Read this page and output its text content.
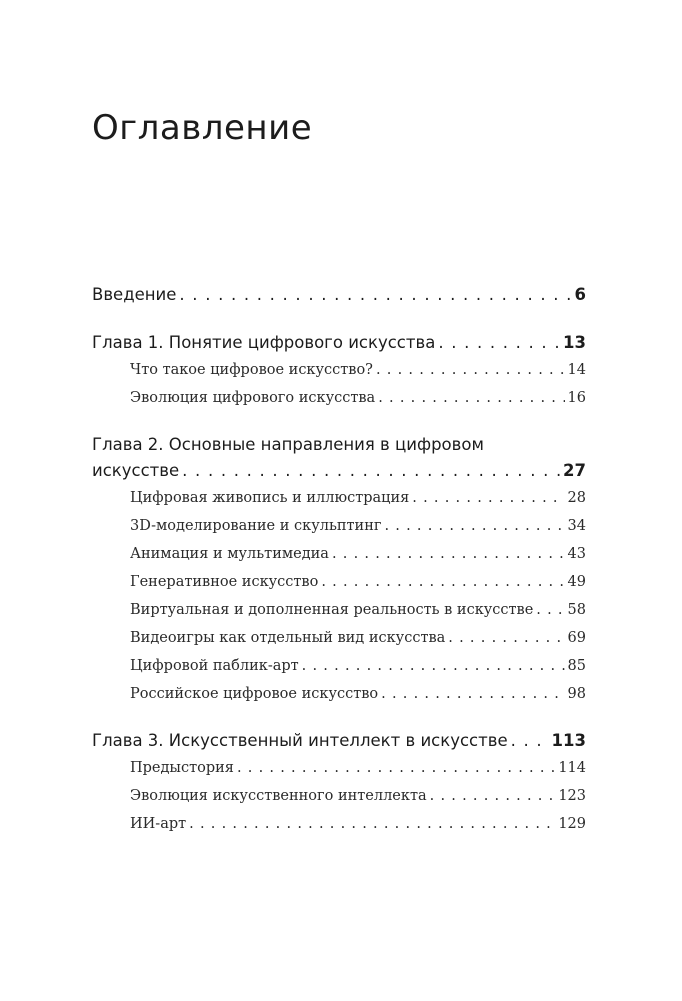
Оглавление
Введение . . .	6
Глава 1. Понятие цифрового искусства . . .	13
Что такое цифровое искусство? . . .	14
Эволюция цифрового искусства . . .	16
Глава 2. Основные направления в цифровом
искусстве . . .	27
Цифровая живопись и иллюстрация . . .	28
3D-моделирование и скульптинг . . .	34
Анимация и мультимедиа . . .	43
Генеративное искусство . . .	49
Виртуальная и дополненная реальность в искусстве . . . 58
Видеоигры как отдельный вид искусства . . .	69
Цифровой паблик-арт . . .	85
Российское цифровое искусство . . .	98
Глава 3. Искусственный интеллект в искусстве . . .	113
Предыстория . . .	114
Эволюция искусственного интеллекта . . .	123
ИИ-арт . . .	129
